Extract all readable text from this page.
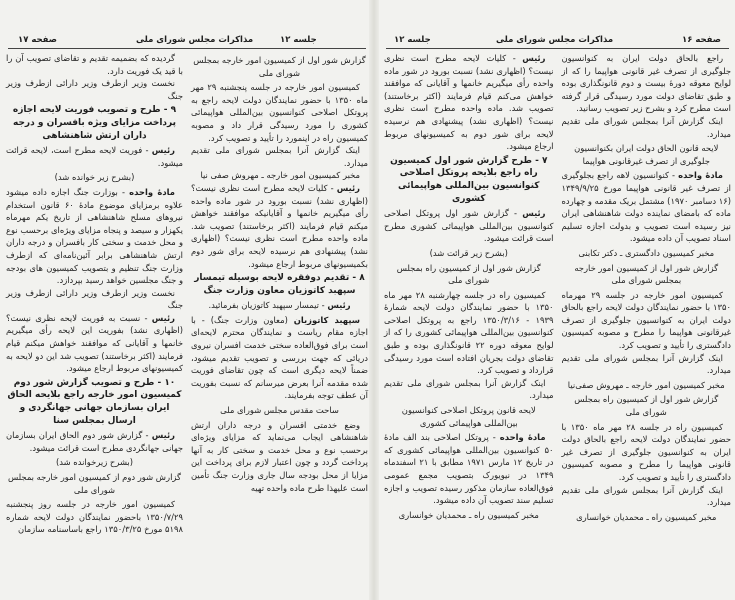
مذاکرات مجلس شورای ملی	جلسه ۱۲
صفحه ۱۷

گزارش شور اول از کمیسیون امور خارجه بمجلس شورای ملی

کمیسیون امور خارجه در جلسه پنجشنبه ۲۹ مهر ماه ۱۳۵۰ با حضور نمایندگان دولت لایحه راجع به پروتکل اصلاحی کنوانسیون بین‌المللی هواپیمائی کشوری را مورد رسیدگی قرار داد و مصوبه کمیسیون راه در اینمورد را تأیید و تصویب کرد.

اینک گزارش آنرا بمجلس شورای ملی تقدیم میدارد.

مخبر کمیسیون امور خارجه ـ مهروش صفی نیا

رئیس - کلیات لایحه مطرح است نظری نیست؟ (اظهاری نشد) نسبت بورود در شور ماده واحده رأی میگیریم خانمها و آقایانیکه موافقند خواهش میکنم قیام فرمایند (اکثر برخاستند) تصویب شد. ماده واحده مطرح است نظری نیست؟ (اظهاری نشد) پیشنهادی هم نرسیده لایحه برای شور دوم بکمیسیونهای مربوط ارجاع میشود.

۸ - تقدیم دوفقره لایحه بوسیله تیمسار سپهبد کاتوزیان معاون وزارت جنگ

رئیس - تیمسار سپهبد کاتوزیان بفرمائید.

سپهبد کاتوزیان (معاون وزارت جنگ) - با اجازه مقام ریاست و نمایندگان محترم لایحه‌ای است برای فوق‌العاده سختی خدمت افسران نیروی دریائی که جهت بررسی و تصویب تقدیم میشود، ضمناً لایحه دیگری است که چون تقاضای فوریت شده مقدمه آنرا بعرض میرسانم که نسبت بفوریت آن عطف توجه بفرمایند.

ساحت مقدس مجلس شورای ملی

وضع خدمتی افسران و درجه داران ارتش شاهنشاهی ایجاب می‌نماید که مزایای ویژه‌ای برحسب نوع و محل خدمت و سختی کار به آنها پرداخت گردد و چون اعتبار لازم برای پرداخت این مزایا از محل بودجه سال جاری وزارت جنگ تأمین است علیهذا طرح ماده واحده تهیه

گردیده که بضمیمه تقدیم و تقاضای تصویب آن را با قید یک فوریت دارد.

نخست وزیر ازطرف وزیر دارائی ازطرف وزیر جنگ

۹ - طرح و تصویب فوریت لایحه اجازه پرداخت مزایای ویژه بافسران و درجه داران ارتش شاهنشاهی

رئیس - فوریت لایحه مطرح است، لایحه قرائت میشود.

(بشرح زیر خوانده شد)

مادهٔ واحده - بوزارت جنگ اجازه داده میشود علاوه برمزایای موضوع مادهٔ ۶۰ قانون استخدام نیروهای مسلح شاهنشاهی از تاریخ یکم مهرماه یکهزار و سیصد و پنجاه مزایای ویژه‌ای برحسب نوع و محل خدمت و سختی کار بافسران و درجه داران ارتش شاهنشاهی برابر آئین‌نامه‌ای که ازطرف وزارت جنگ تنظیم و بتصویب کمیسیون های بودجه و جنگ مجلسین خواهد رسید بپردازد.

نخست وزیر ازطرف وزیر دارائی ازطرف وزیر جنگ

رئیس - نسبت به فوریت لایحه نظری نیست؟ (اظهاری نشد) بفوریت این لایحه رأی میگیریم خانمها و آقایانی که موافقند خواهش میکنم قیام فرمایند (اکثر برخاستند) تصویب شد این دو لایحه به کمیسیونهای مربوط ارجاع میشود.

۱۰ - طرح و تصویب گزارش شور دوم کمیسیون امور خارجه راجع بلایحه الحاق ایران بسازمان جهانی جهانگردی و ارسال بمجلس سنا

رئیس - گزارش شور دوم الحاق ایران بسازمان جهانی جهانگردی مطرح است قرائت میشود.

(بشرح زیرخوانده شد)

گزارش شور دوم از کمیسیون امور خارجه بمجلس شورای ملی

کمیسیون امور خارجه در جلسه روز پنجشنبه ۱۳۵۰/۷/۲۹ باحضور نمایندگان دولت لایحه شماره ۵۱۹۸ مورخ ۱۳۵۰/۳/۲۵ راجع باساسنامه سازمان

صفحه ۱۶
مذاکرات مجلس شورای ملی
جلسه ۱۲

راجع بالحاق دولت ایران به کنوانسیون جلوگیری از تصرف غیر قانونی هواپیما را که از لوایح معوقه دورهٔ بیست و دوم قانونگذاری بوده و طبق تقاضای دولت مورد رسیدگی قرار گرفته است مطرح کرد و بشرح زیر تصویب رسانید.

اینک گزارش آنرا بمجلس شورای ملی تقدیم میدارد.

لایحه قانون الحاق دولت ایران بکنوانسیون جلوگیری از تصرف غیرقانونی هواپیما

مادهٔ واحده - کنوانسیون لاهه راجع بجلوگیری از تصرف غیر قانونی هواپیما مورخ ۱۳۴۹/۹/۲۵ (۱۶ دسامبر ۱۹۷۰) مشتمل بریک مقدمه و چهارده ماده که بامضای نماینده دولت شاهنشاهی ایران نیز رسیده است تصویب و بدولت اجازه تسلیم اسناد تصویب آن داده میشود.

مخبر کمیسیون دادگستری ـ دکتر تکابنی

گزارش شور اول از کمیسیون امور خارجه بمجلس شورای ملی

کمیسیون امور خارجه در جلسه ۲۹ مهرماه ۱۳۵۰ با حضور نمایندگان دولت لایحه راجع بالحاق دولت ایران به کنوانسیون جلوگیری از تصرف غیرقانونی هواپیما را مطرح و مصوبه کمیسیون دادگستری را تأیید و تصویب کرد.

اینک گزارش آنرا بمجلس شورای ملی تقدیم میدارد.

مخبر کمیسیون امور خارجه ـ مهروش صفی‌نیا

گزارش شور اول از کمیسیون راه بمجلس شورای ملی

کمیسیون راه در جلسه ۲۸ مهر ماه ۱۳۵۰ با حضور نمایندگان دولت لایحه راجع بالحاق دولت ایران به کنوانسیون جلوگیری از تصرف غیر قانونی هواپیما را مطرح و مصوبه کمیسیون دادگستری را تأیید و تصویب کرد.

اینک گزارش آنرا بمجلس شورای ملی تقدیم میدارد.

مخبر کمیسیون راه ـ محمدیان خوانساری

رئیس - کلیات لایحه مطرح است نظری نیست؟ (اظهاری نشد) نسبت بورود در شور ماده واحده رأی میگیریم خانمها و آقایانی که موافقند خواهش می‌کنم قیام فرمایند (اکثر برخاستند) تصویب شد. ماده واحده مطرح است نظری نیست؟ (اظهاری نشد) پیشنهادی هم نرسیده لایحه برای شور دوم به کمیسیونهای مربوط ارجاع میشود.

۷ - طرح گزارش شور اول کمیسیون راه راجع بلایحه پروتکل اصلاحی کنوانسیون بین‌المللی هواپیمائی کشوری

رئیس - گزارش شور اول پروتکل اصلاحی کنوانسیون بین‌المللی هواپیمائی کشوری مطرح است قرائت میشود.

(بشرح زیر قرائت شد)

گزارش شور اول از کمیسیون راه بمجلس شورای ملی

کمیسیون راه در جلسه چهارشنبه ۲۸ مهر ماه ۱۳۵۰ با حضور نمایندگان دولت لایحه شمارهٔ ۱۹۳۹ - ۱۳۵۰/۳/۱۶ راجع به پروتکل اصلاحی کنوانسیون بین‌المللی هواپیمائی کشوری را که از لوایح معوقه دوره ۲۲ قانونگذاری بوده و طبق تقاضای دولت بجریان افتاده است مورد رسیدگی قرارداد و تصویب کرد.

اینک گزارش آنرا بمجلس شورای ملی تقدیم میدارد.

لایحه قانون پروتکل اصلاحی کنوانسیون بین‌المللی هواپیمائی کشوری

مادهٔ واحده - پروتکل اصلاحی بند الف مادهٔ ۵۰ کنوانسیون بین‌المللی هواپیمائی کشوری که در تاریخ ۱۲ مارس ۱۹۷۱ مطابق با ۲۱ اسفندماه ۱۳۴۹ در نیویورک بتصویب مجمع عمومی فوق‌العاده سازمان مذکور رسیده تصویب و اجازه تسلیم سند تصویب آن داده میشود.

مخبر کمیسیون راه ـ محمدیان خوانساری
